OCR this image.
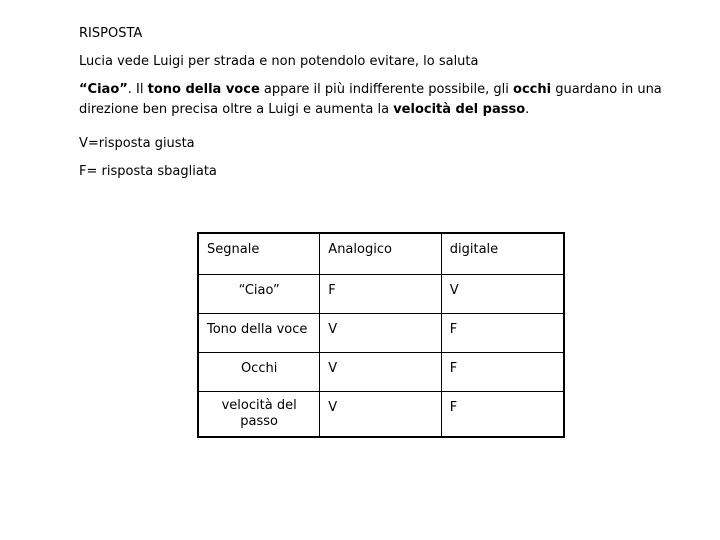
RISPOSTA
Lucia vede Luigi per strada e non potendolo evitare, lo saluta
“Ciao”. Il tono della voce appare il più indifferente possibile, gli occhi guardano in una
direzione ben precisa oltre a Luigi e aumenta la velocità del passo.
V=risposta giusta
F= risposta sbagliata
Segnale	Analogico	digitale

“Ciao”	F	V

Tono della voce	V	F

Occhi	V	F

velocità del passo	V	F
